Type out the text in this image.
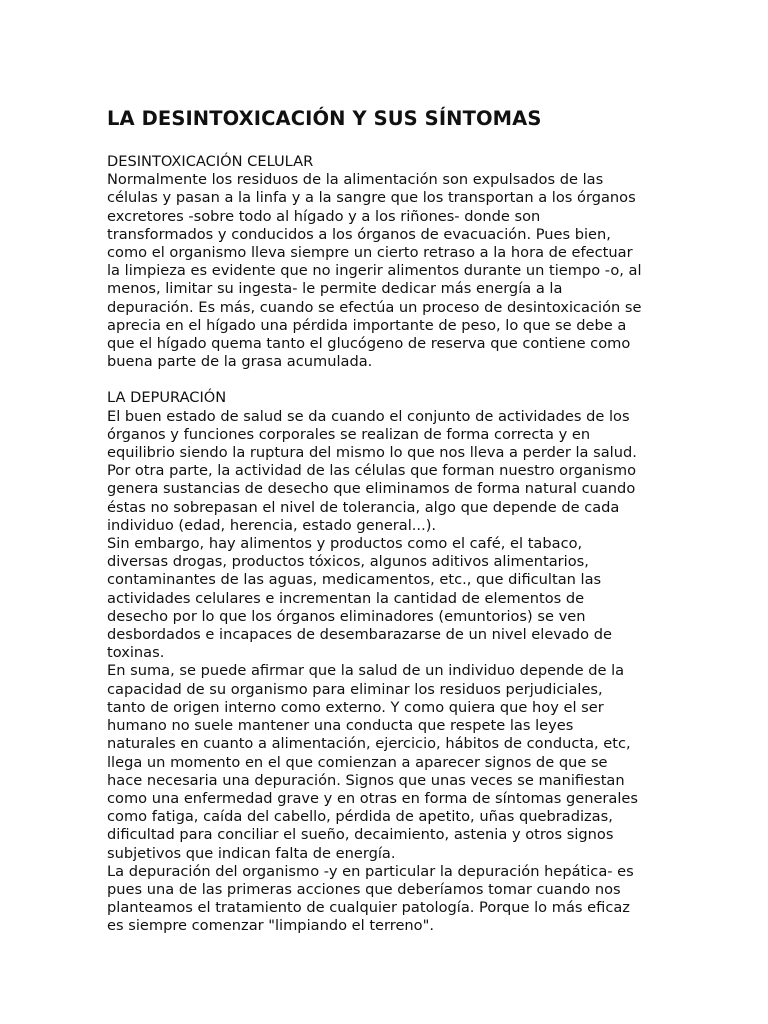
LA DESINTOXICACIÓN Y SUS SÍNTOMAS
DESINTOXICACIÓN CELULAR
Normalmente los residuos de la alimentación son expulsados de las
células y pasan a la linfa y a la sangre que los transportan a los órganos
excretores -sobre todo al hígado y a los riñones- donde son
transformados y conducidos a los órganos de evacuación. Pues bien,
como el organismo lleva siempre un cierto retraso a la hora de efectuar
la limpieza es evidente que no ingerir alimentos durante un tiempo -o, al
menos, limitar su ingesta- le permite dedicar más energía a la
depuración. Es más, cuando se efectúa un proceso de desintoxicación se
aprecia en el hígado una pérdida importante de peso, lo que se debe a
que el hígado quema tanto el glucógeno de reserva que contiene como
buena parte de la grasa acumulada.
LA DEPURACIÓN
El buen estado de salud se da cuando el conjunto de actividades de los
órganos y funciones corporales se realizan de forma correcta y en
equilibrio siendo la ruptura del mismo lo que nos lleva a perder la salud.
Por otra parte, la actividad de las células que forman nuestro organismo
genera sustancias de desecho que eliminamos de forma natural cuando
éstas no sobrepasan el nivel de tolerancia, algo que depende de cada
individuo (edad, herencia, estado general...).
Sin embargo, hay alimentos y productos como el café, el tabaco,
diversas drogas, productos tóxicos, algunos aditivos alimentarios,
contaminantes de las aguas, medicamentos, etc., que dificultan las
actividades celulares e incrementan la cantidad de elementos de
desecho por lo que los órganos eliminadores (emuntorios) se ven
desbordados e incapaces de desembarazarse de un nivel elevado de
toxinas.
En suma, se puede afirmar que la salud de un individuo depende de la
capacidad de su organismo para eliminar los residuos perjudiciales,
tanto de origen interno como externo. Y como quiera que hoy el ser
humano no suele mantener una conducta que respete las leyes
naturales en cuanto a alimentación, ejercicio, hábitos de conducta, etc,
llega un momento en el que comienzan a aparecer signos de que se
hace necesaria una depuración. Signos que unas veces se manifiestan
como una enfermedad grave y en otras en forma de síntomas generales
como fatiga, caída del cabello, pérdida de apetito, uñas quebradizas,
dificultad para conciliar el sueño, decaimiento, astenia y otros signos
subjetivos que indican falta de energía.
La depuración del organismo -y en particular la depuración hepática- es
pues una de las primeras acciones que deberíamos tomar cuando nos
planteamos el tratamiento de cualquier patología. Porque lo más eficaz
es siempre comenzar "limpiando el terreno".
